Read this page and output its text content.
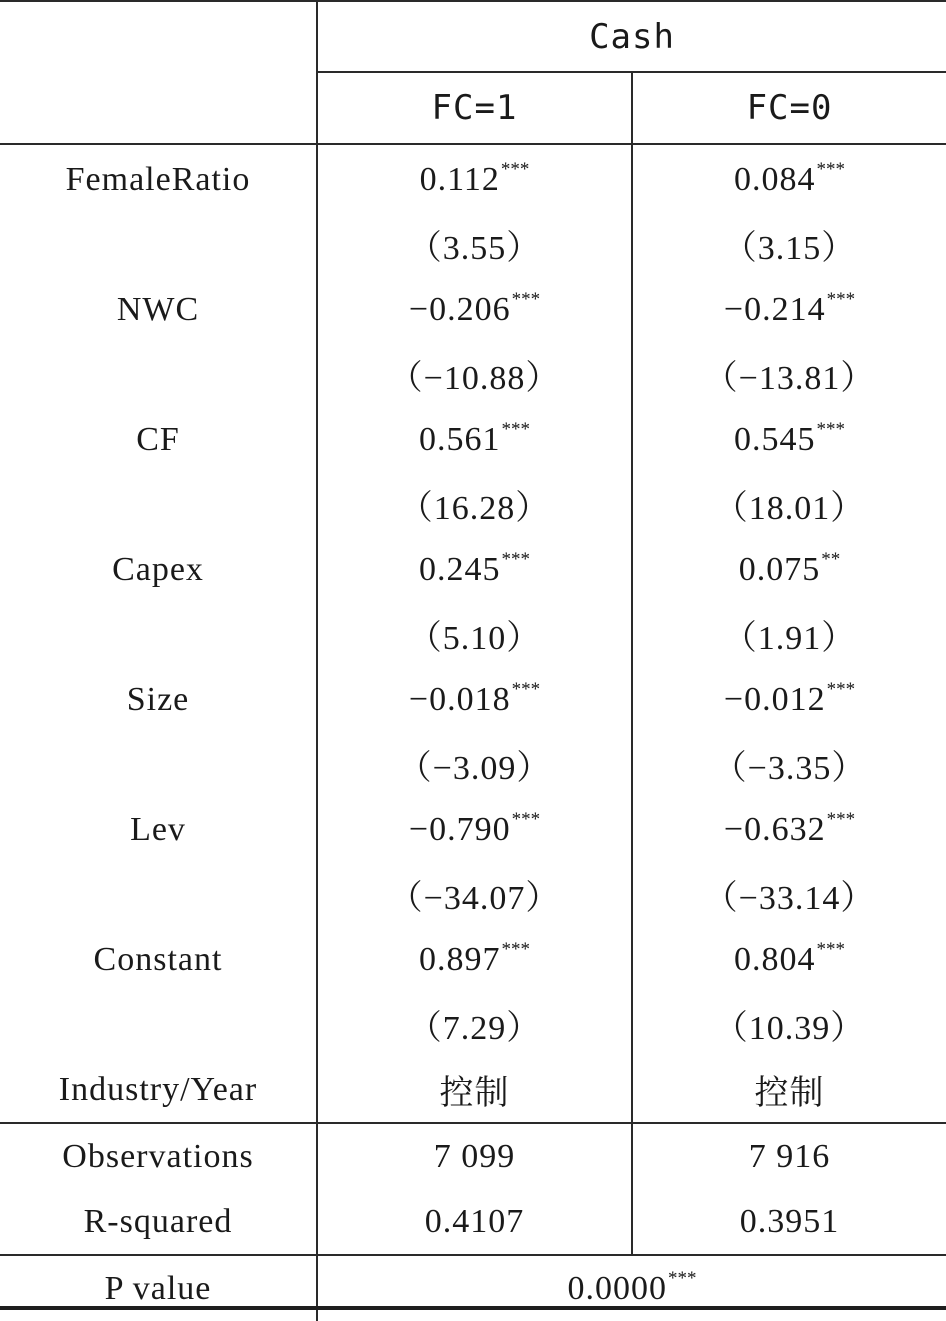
	Cash	
	FC=1	FC=0
FemaleRatio	0.112***	0.084***
	（3.55）	（3.15）
NWC	−0.206***	−0.214***
	（−10.88）	（−13.81）
CF	0.561***	0.545***
	（16.28）	（18.01）
Capex	0.245***	0.075**
	（5.10）	（1.91）
Size	−0.018***	−0.012***
	（−3.09）	（−3.35）
Lev	−0.790***	−0.632***
	（−34.07）	（−33.14）
Constant	0.897***	0.804***
	（7.29）	（10.39）
Industry/Year	控制	控制
Observations	7 099	7 916
R-squared	0.4107	0.3951
P value	0.0000***
